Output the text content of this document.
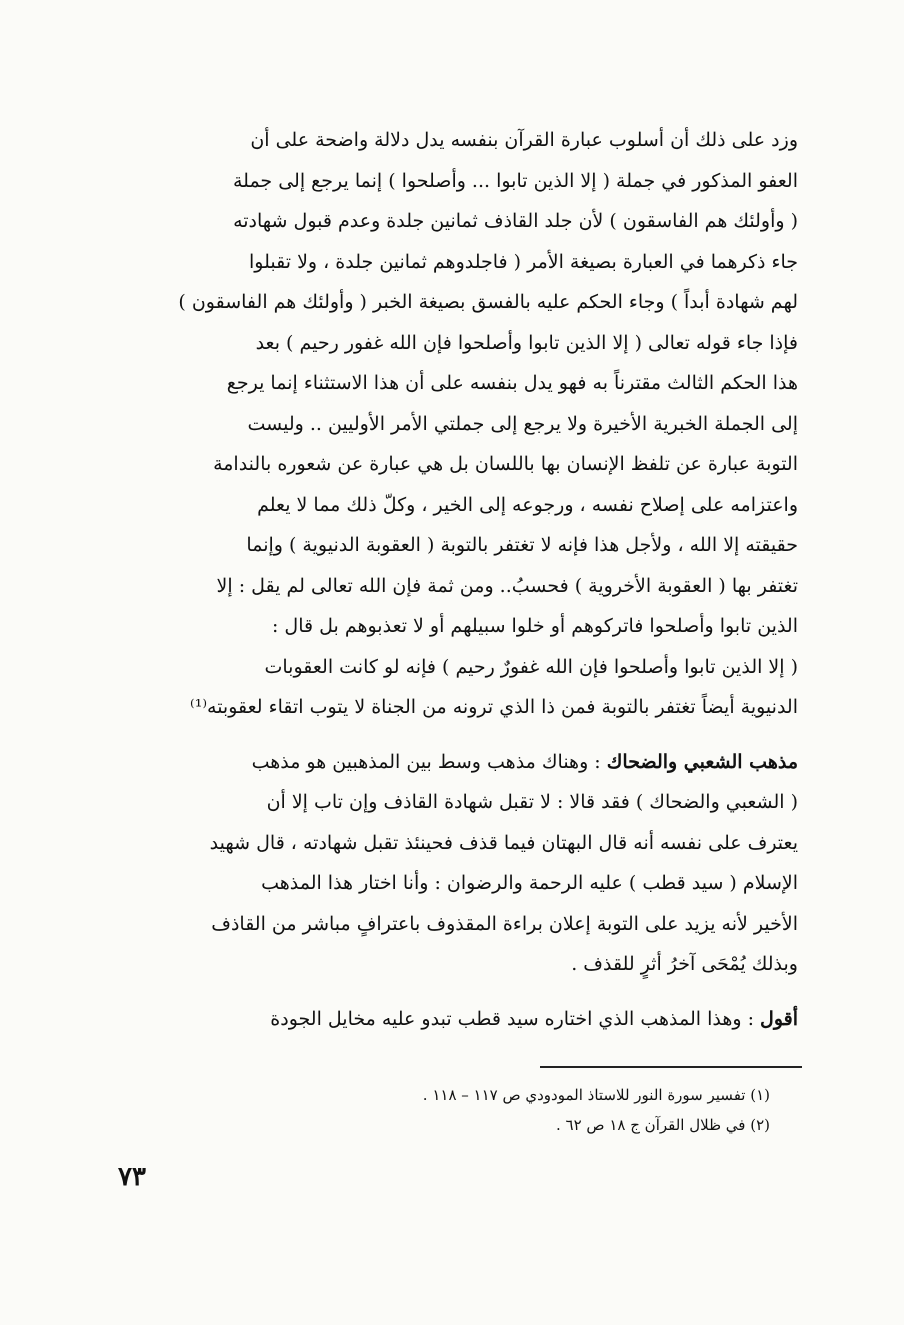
وزد على ذلك أن أسلوب عبارة القرآن بنفسه يدل دلالة واضحة على أن
العفو المذكور في جملة ( إلا الذين تابوا ... وأصلحوا ) إنما يرجع إلى جملة
( وأولئك هم الفاسقون ) لأن جلد القاذف ثمانين جلدة وعدم قبول شهادته
جاء ذكرهما في العبارة بصيغة الأمر ( فاجلدوهم ثمانين جلدة ، ولا تقبلوا
لهم شهادة أبداً ) وجاء الحكم عليه بالفسق بصيغة الخبر ( وأولئك هم الفاسقون )
فإذا جاء قوله تعالى ( إلا الذين تابوا وأصلحوا فإن الله غفور رحيم ) بعد
هذا الحكم الثالث مقترناً به فهو يدل بنفسه على أن هذا الاستثناء إنما يرجع
إلى الجملة الخبرية الأخيرة ولا يرجع إلى جملتي الأمر الأوليين .. وليست
التوبة عبارة عن تلفظ الإنسان بها باللسان بل هي عبارة عن شعوره بالندامة
واعتزامه على إصلاح نفسه ، ورجوعه إلى الخير ، وكلّ ذلك مما لا يعلم
حقيقته إلا الله ، ولأجل هذا فإنه لا تغتفر بالتوبة ( العقوبة الدنيوية ) وإنما
تغتفر بها ( العقوبة الأخروية ) فحسبُ.. ومن ثمة فإن الله تعالى لم يقل : إلا
الذين تابوا وأصلحوا فاتركوهم أو خلوا سبيلهم أو لا تعذبوهم بل قال :
( إلا الذين تابوا وأصلحوا فإن الله غفورٌ رحيم ) فإنه لو كانت العقوبات
الدنيوية أيضاً تغتفر بالتوبة فمن ذا الذي ترونه من الجناة لا يتوب اتقاء لعقوبته⁽¹⁾
مذهب الشعبي والضحاك : وهناك مذهب وسط بين المذهبين هو مذهب
( الشعبي والضحاك ) فقد قالا : لا تقبل شهادة القاذف وإن تاب إلا أن
يعترف على نفسه أنه قال البهتان فيما قذف فحينئذ تقبل شهادته ، قال شهيد
الإسلام ( سيد قطب ) عليه الرحمة والرضوان : وأنا اختار هذا المذهب
الأخير لأنه يزيد على التوبة إعلان براءة المقذوف باعترافٍ مباشر من القاذف
وبذلك يُمْحَى آخرُ أثرٍ للقذف .
أقول : وهذا المذهب الذي اختاره سيد قطب تبدو عليه مخايل الجودة
(١) تفسير سورة النور للاستاذ المودودي ص ١١٧ – ١١٨ .
(٢) في ظلال القرآن ج ١٨ ص ٦٢ .
٧٣
